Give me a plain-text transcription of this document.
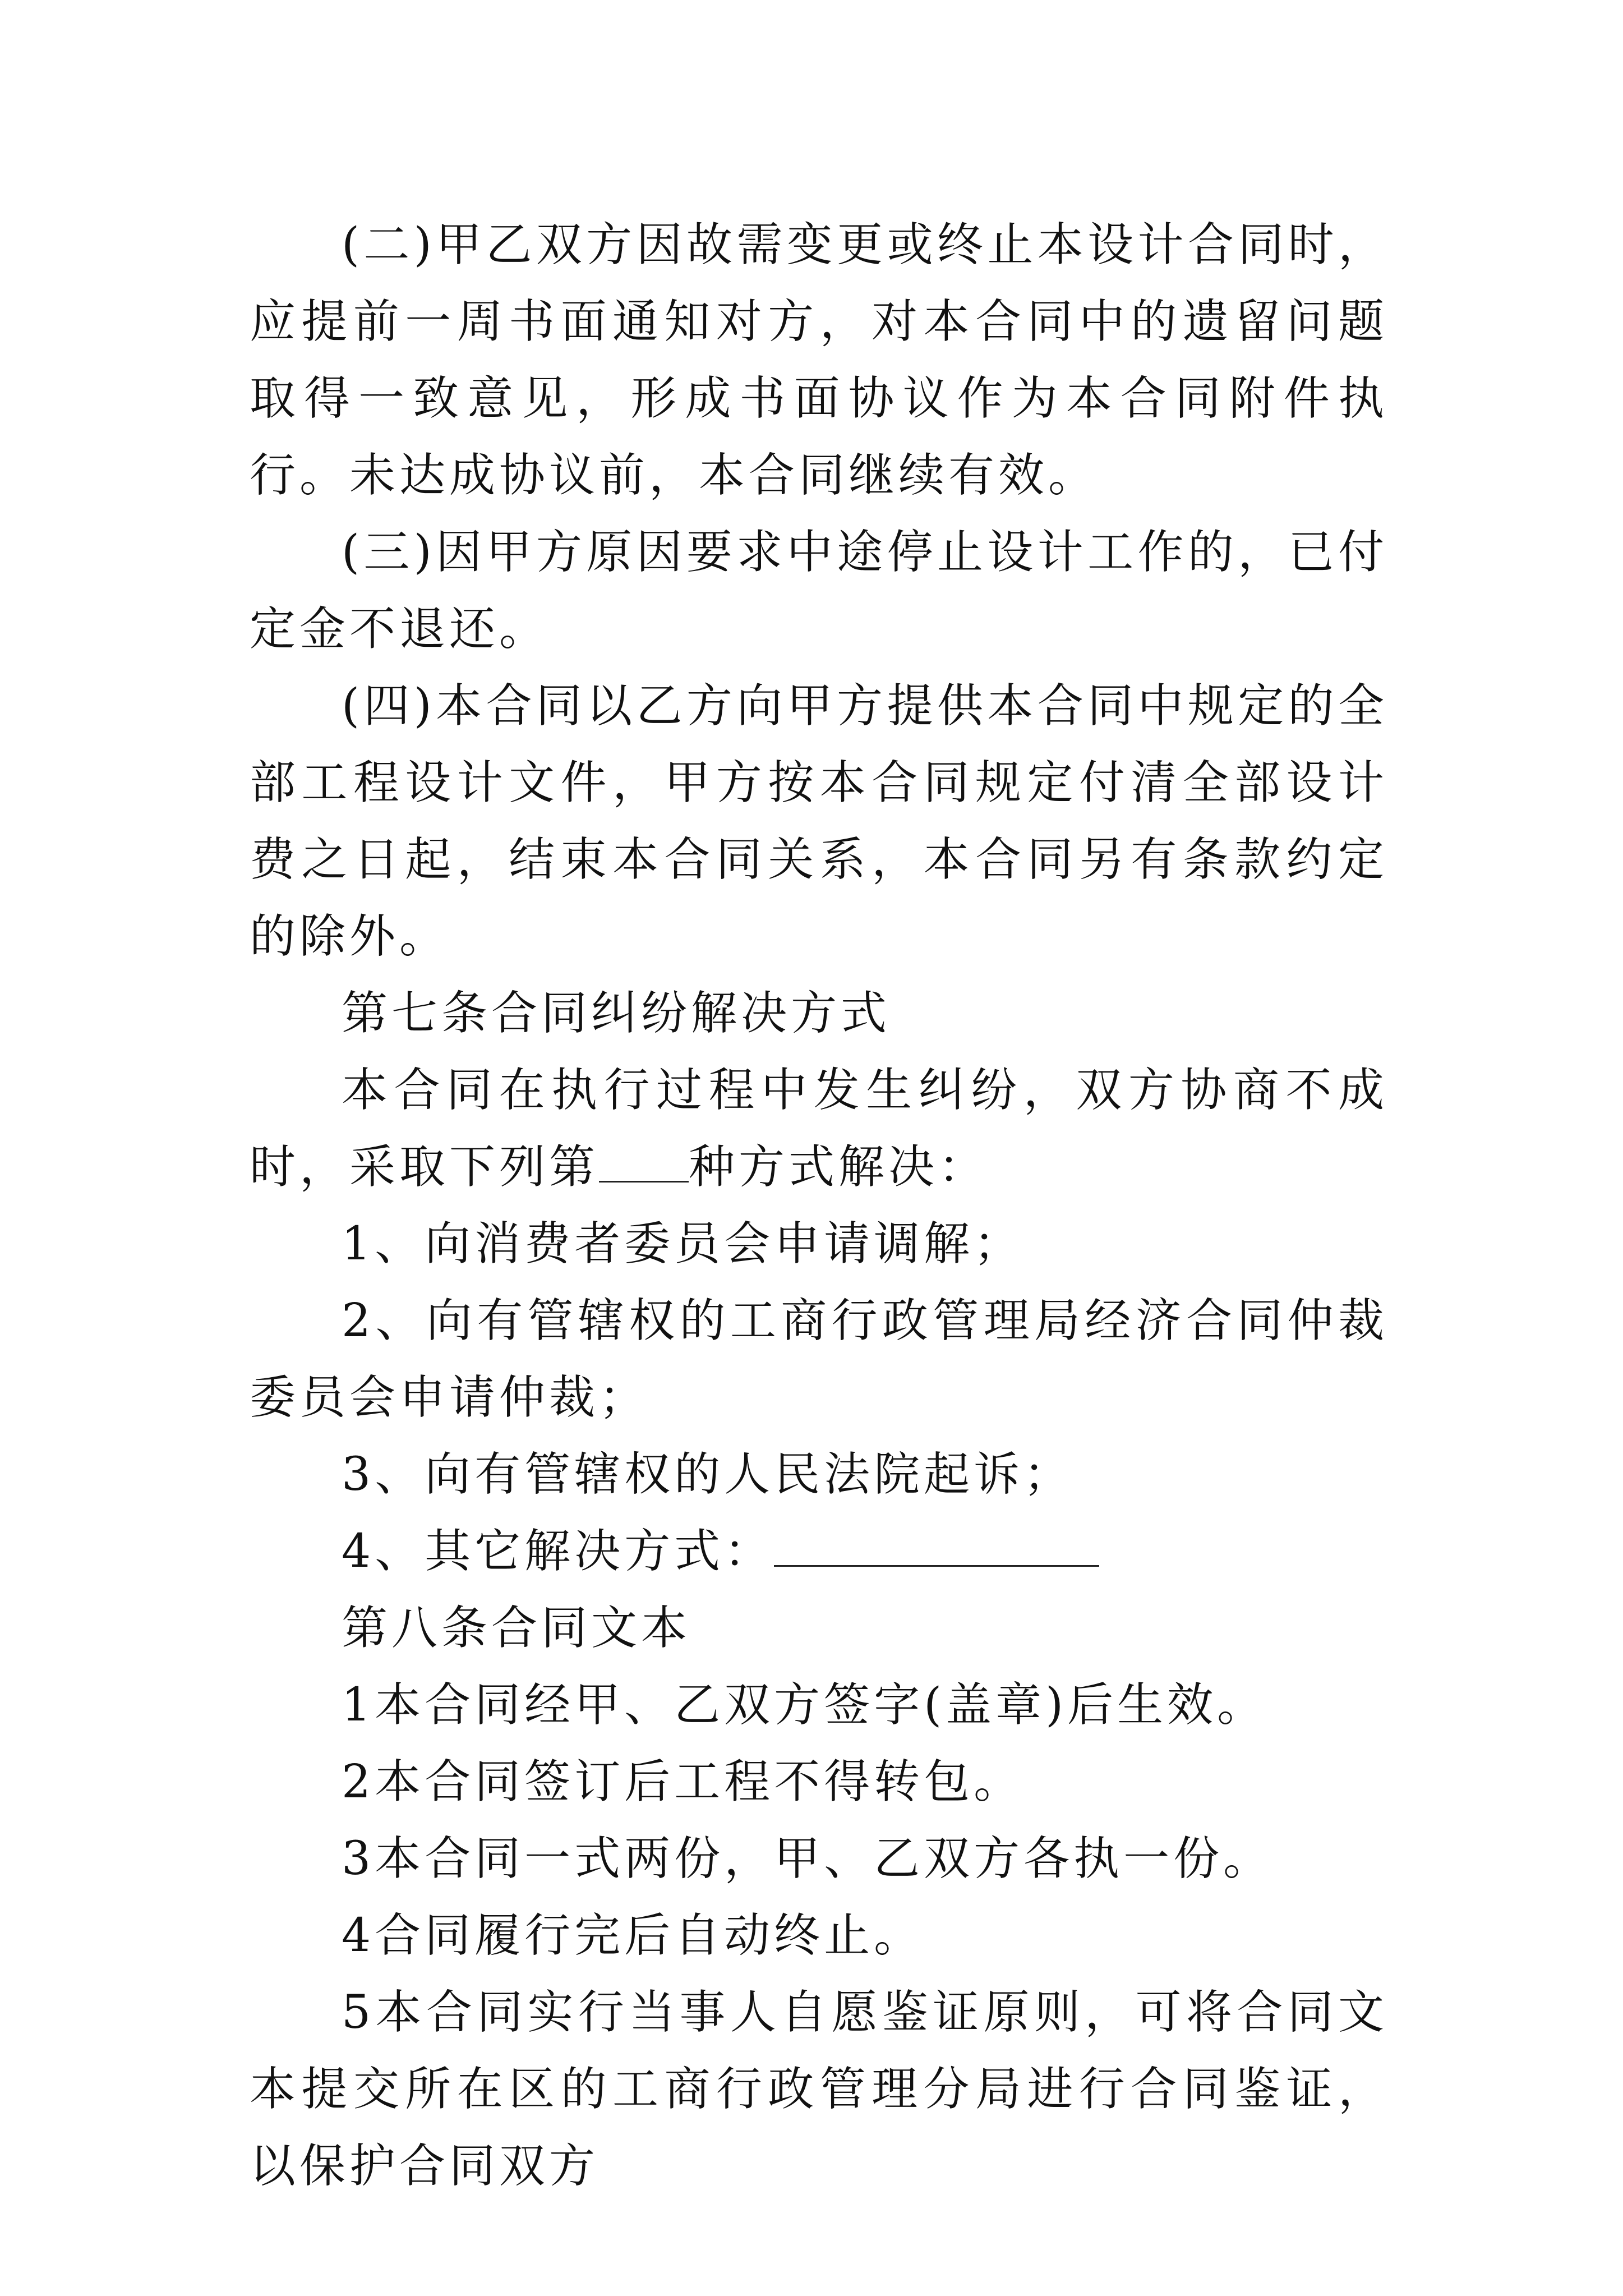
(二)甲乙双方因故需变更或终止本设计合同时，应提前一周书面通知对方，对本合同中的遗留问题取得一致意见，形成书面协议作为本合同附件执行。未达成协议前，本合同继续有效。

(三)因甲方原因要求中途停止设计工作的，已付定金不退还。

(四)本合同以乙方向甲方提供本合同中规定的全部工程设计文件，甲方按本合同规定付清全部设计费之日起，结束本合同关系，本合同另有条款约定的除外。

第七条合同纠纷解决方式

本合同在执行过程中发生纠纷，双方协商不成时，采取下列第 种方式解决：

1、向消费者委员会申请调解；

2、向有管辖权的工商行政管理局经济合同仲裁委员会申请仲裁；

3、向有管辖权的人民法院起诉；

4、其它解决方式：

第八条合同文本

1本合同经甲、乙双方签字(盖章)后生效。

2本合同签订后工程不得转包。

3本合同一式两份，甲、乙双方各执一份。

4合同履行完后自动终止。

5本合同实行当事人自愿鉴证原则，可将合同文本提交所在区的工商行政管理分局进行合同鉴证，以保护合同双方
